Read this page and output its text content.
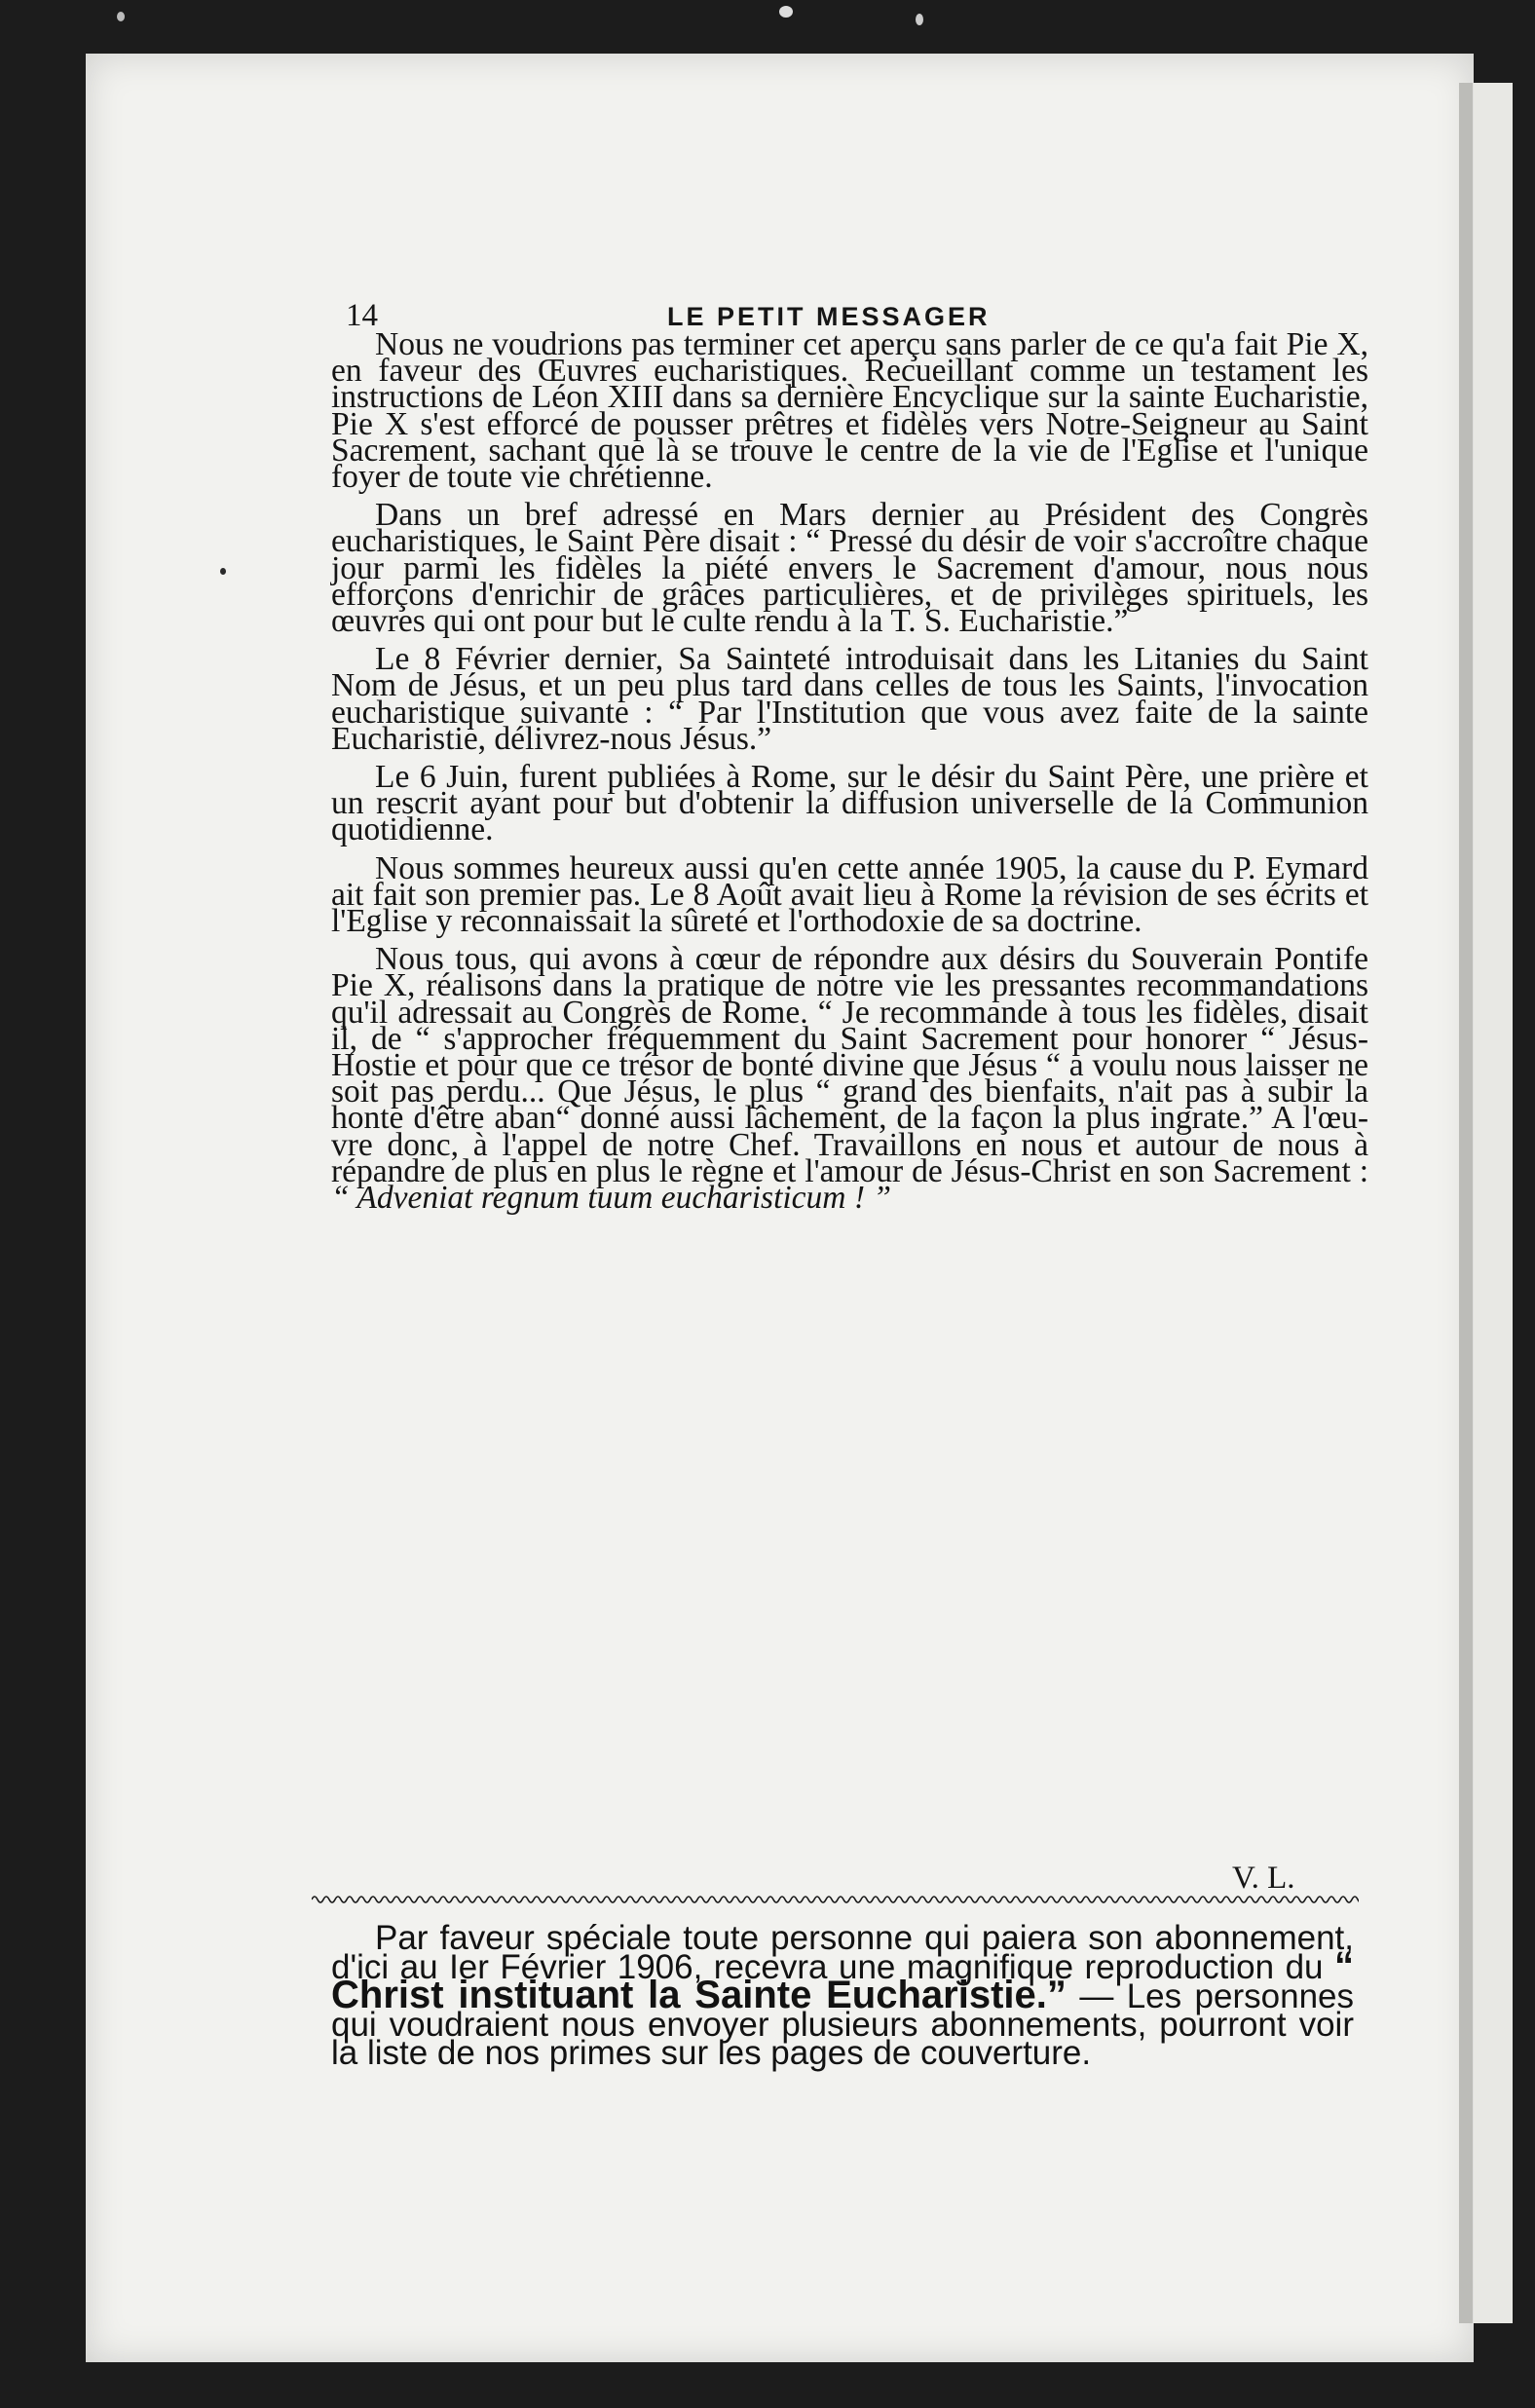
14	LE PETIT MESSAGER

Nous ne voudrions pas terminer cet aperçu sans parler de ce qu'a fait Pie X, en faveur des Œuvres eucharistiques. Recueillant comme un testament les instructions de Léon XIII dans sa dernière Encyclique sur la sainte Eucharistie, Pie X s'est efforcé de pousser prêtres et fidèles vers Notre-Seigneur au Saint Sacrement, sachant que là se trouve le centre de la vie de l'Eglise et l'unique foyer de toute vie chrétienne.

Dans un bref adressé en Mars dernier au Président des Congrès eucharistiques, le Saint Père disait : “ Pressé du désir de voir s'accroître chaque jour parmi les fidèles la piété envers le Sacrement d'amour, nous nous efforçons d'enrichir de grâces particulières, et de privilèges spirituels, les œuvres qui ont pour but le culte rendu à la T. S. Eucharistie.”

Le 8 Février dernier, Sa Sainteté introduisait dans les Litanies du Saint Nom de Jésus, et un peu plus tard dans celles de tous les Saints, l'invocation eucharistique suivante : “ Par l'Institution que vous avez faite de la sainte Eucharistie, délivrez-nous Jésus.”

Le 6 Juin, furent publiées à Rome, sur le désir du Saint Père, une prière et un rescrit ayant pour but d'obtenir la diffusion universelle de la Communion quotidienne.

Nous sommes heureux aussi qu'en cette année 1905, la cause du P. Eymard ait fait son premier pas. Le 8 Août avait lieu à Rome la révision de ses écrits et l'Eglise y reconnaissait la sûreté et l'orthodoxie de sa doctrine.

Nous tous, qui avons à cœur de répondre aux désirs du Souverain Pontife Pie X, réalisons dans la pratique de notre vie les pressantes recommandations qu'il adressait au Congrès de Rome. “ Je recommande à tous les fidèles, disait il, de “ s'approcher fréquemment du Saint Sacrement pour honorer “ Jésus-Hostie et pour que ce trésor de bonté divine que Jésus “ a voulu nous laisser ne soit pas perdu... Que Jésus, le plus “ grand des bienfaits, n'ait pas à subir la honte d'être aban“ donné aussi lâchement, de la façon la plus ingrate.” A l'œuvre donc, à l'appel de notre Chef. Travaillons en nous et autour de nous à répandre de plus en plus le règne et l'amour de Jésus-Christ en son Sacrement : “ Adveniat regnum tuum eucharisticum ! ”

V. L.

Par faveur spéciale toute personne qui paiera son abonnement, d'ici au Ier Février 1906, recevra une magnifique reproduction du “ Christ instituant la Sainte Eucharistie.” — Les personnes qui voudraient nous envoyer plusieurs abonnements, pourront voir la liste de nos primes sur les pages de couverture.
